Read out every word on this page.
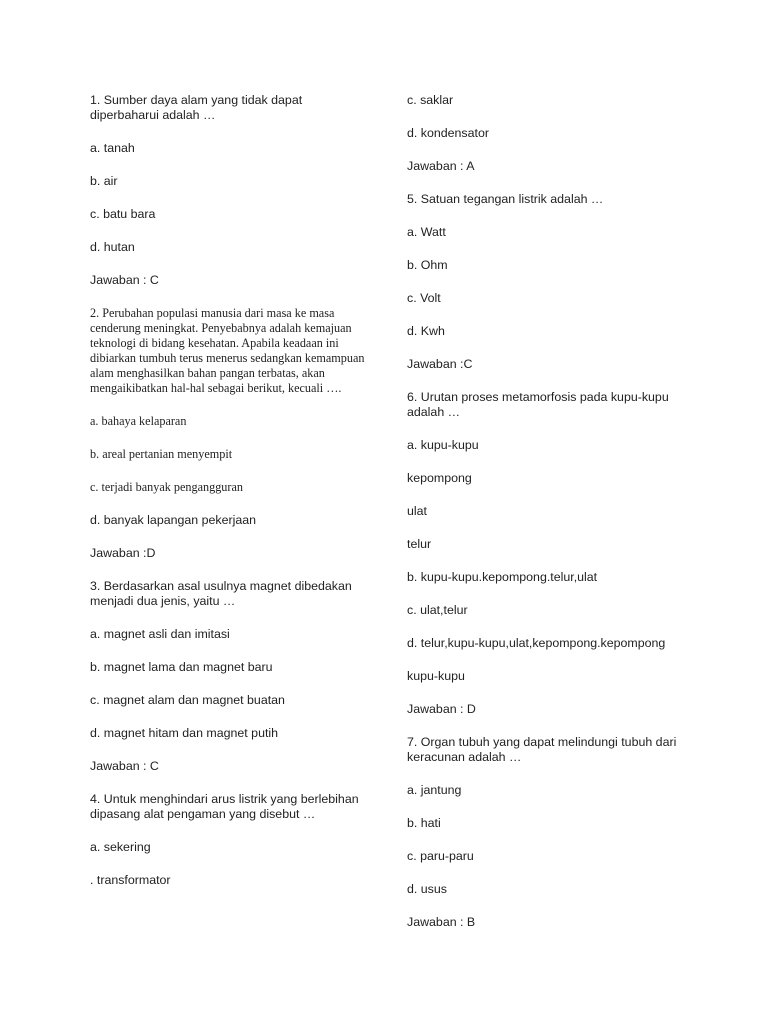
1. Sumber daya alam yang tidak dapat diperbaharui adalah …
a. tanah
b. air
c. batu bara
d. hutan
Jawaban : C
2. Perubahan populasi manusia dari masa ke masa cenderung meningkat. Penyebabnya adalah kemajuan teknologi di bidang kesehatan. Apabila keadaan ini dibiarkan tumbuh terus menerus sedangkan kemampuan alam menghasilkan bahan pangan terbatas, akan mengaikibatkan hal-hal sebagai berikut, kecuali ….
a. bahaya kelaparan
b. areal pertanian menyempit
c. terjadi banyak pengangguran
d. banyak lapangan pekerjaan
Jawaban :D
3. Berdasarkan asal usulnya magnet dibedakan menjadi dua jenis, yaitu …
a. magnet asli dan imitasi
b. magnet lama dan magnet baru
c. magnet alam dan magnet buatan
d. magnet hitam dan magnet putih
Jawaban : C
4. Untuk menghindari arus listrik yang berlebihan dipasang alat pengaman yang disebut …
a. sekering
. transformator
c. saklar
d. kondensator
Jawaban : A
5. Satuan tegangan listrik adalah …
a. Watt
b. Ohm
c. Volt
d. Kwh
Jawaban :C
6. Urutan proses metamorfosis pada kupu-kupu adalah …
a. kupu-kupu
kepompong
ulat
telur
b. kupu-kupu.kepompong.telur,ulat
c. ulat,telur
d. telur,kupu-kupu,ulat,kepompong.kepompong
kupu-kupu
Jawaban : D
7. Organ tubuh yang dapat melindungi tubuh dari keracunan adalah …
a. jantung
b. hati
c. paru-paru
d. usus
Jawaban : B
